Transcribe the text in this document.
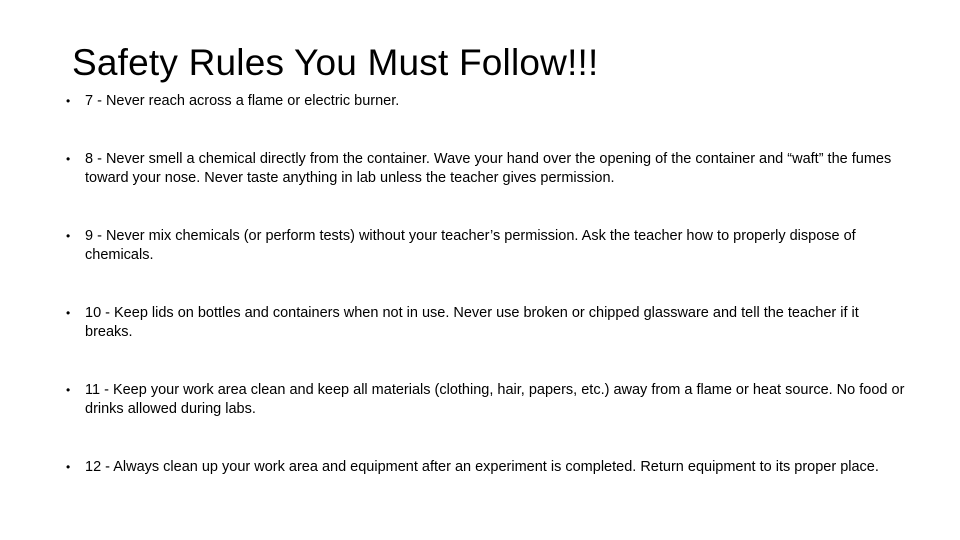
Safety Rules You Must Follow!!!
• 7 - Never reach across a flame or electric burner.
• 8 - Never smell a chemical directly from the container. Wave your hand over the opening of the container and “waft” the fumes toward your nose. Never taste anything in lab unless the teacher gives permission.
• 9 - Never mix chemicals (or perform tests) without your teacher’s permission. Ask the teacher how to properly dispose of chemicals.
• 10 - Keep lids on bottles and containers when not in use. Never use broken or chipped glassware and tell the teacher if it breaks.
• 11 - Keep your work area clean and keep all materials (clothing, hair, papers, etc.) away from a flame or heat source. No food or drinks allowed during labs.
• 12 - Always clean up your work area and equipment after an experiment is completed. Return equipment to its proper place.
